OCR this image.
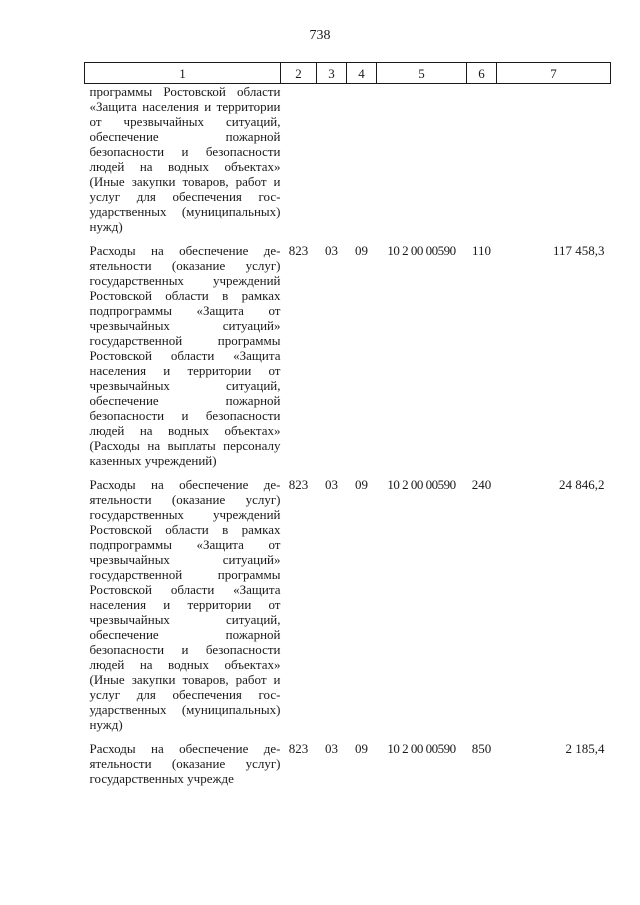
738
1	2	3	4	5	6	7
программы Ростовской области «Защита населения и территории от чрезвычайных ситуаций, обеспечение пожарной безопасности и безопасности людей на водных объектах» (Иные закупки товаров, работ и услуг для обеспечения государственных (муниципальных) нужд)						
Расходы на обеспечение деятельности (оказание услуг) государственных учреждений Ростовской области в рамках подпрограммы «Защита от чрезвычайных ситуаций» государственной программы Ростовской области «Защита населения и территории от чрезвычайных ситуаций, обеспечение пожарной безопасности и безопасности людей на водных объектах» (Расходы на выплаты персоналу казенных учреждений)	823	03	09	10 2 00 00590	110	117 458,3
Расходы на обеспечение деятельности (оказание услуг) государственных учреждений Ростовской области в рамках подпрограммы «Защита от чрезвычайных ситуаций» государственной программы Ростовской области «Защита населения и территории от чрезвычайных ситуаций, обеспечение пожарной безопасности и безопасности людей на водных объектах» (Иные закупки товаров, работ и услуг для обеспечения государственных (муниципальных) нужд)	823	03	09	10 2 00 00590	240	24 846,2
Расходы на обеспечение деятельности (оказание услуг) государственных учрежде	823	03	09	10 2 00 00590	850	2 185,4
